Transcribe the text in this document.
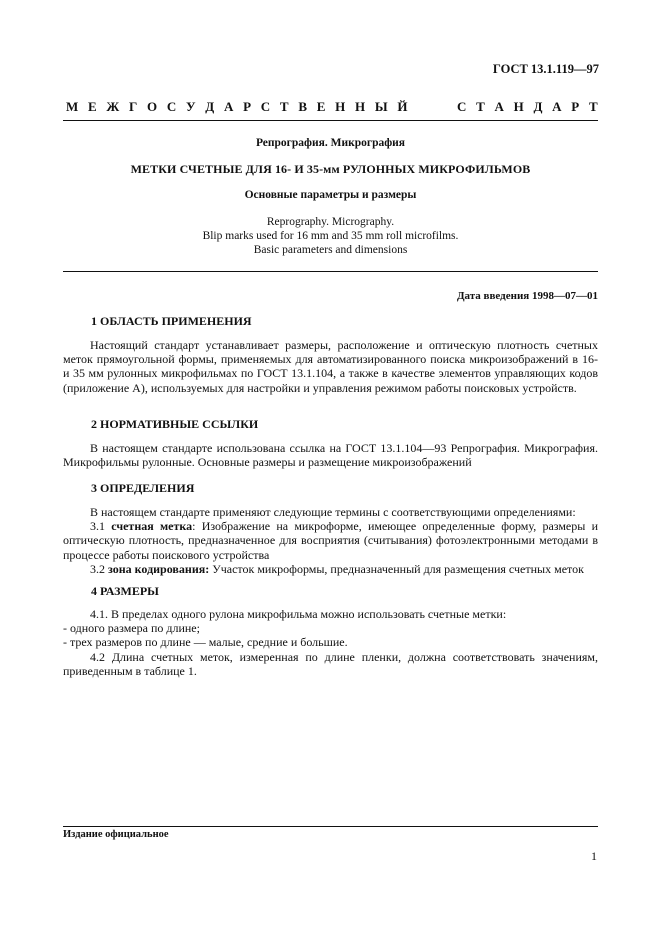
ГОСТ 13.1.119—97
М Е Ж Г О С У Д А Р С Т В Е Н Н Ы Й	С Т А Н Д А Р Т
Репрография. Микрография
МЕТКИ СЧЕТНЫЕ ДЛЯ 16- И 35-мм РУЛОННЫХ МИКРОФИЛЬМОВ
Основные параметры и размеры
Reprography. Micrography.
Blip marks used for 16 mm and 35 mm roll microfilms.
Basic parameters and dimensions
Дата введения 1998—07—01
1 ОБЛАСТЬ ПРИМЕНЕНИЯ

Настоящий стандарт устанавливает размеры, расположение и оптическую плотность счетных меток прямоугольной формы, применяемых для автоматизированного поиска микроизображений в 16- и 35 мм рулонных микрофильмах по ГОСТ 13.1.104, а также в качестве элементов управляющих кодов (приложение А), используемых для настройки и управления режимом работы поисковых устройств.

2 НОРМАТИВНЫЕ ССЫЛКИ

В настоящем стандарте использована ссылка на ГОСТ 13.1.104—93 Репрография. Микрография. Микрофильмы рулонные. Основные размеры и размещение микроизображений

3 ОПРЕДЕЛЕНИЯ

В настоящем стандарте применяют следующие термины с соответствующими определениями:

3.1 счетная метка: Изображение на микроформе, имеющее определенные форму, размеры и оптическую плотность, предназначенное для восприятия (считывания) фотоэлектронными методами в процессе работы поискового устройства

3.2 зона кодирования: Участок микроформы, предназначенный для размещения счетных меток

4 РАЗМЕРЫ

4.1. В пределах одного рулона микрофильма можно использовать счетные метки:

- одного размера по длине;

- трех размеров по длине — малые, средние и большие.

4.2 Длина счетных меток, измеренная по длине пленки, должна соответствовать значениям, приведенным в таблице 1.

Издание официальное
1
